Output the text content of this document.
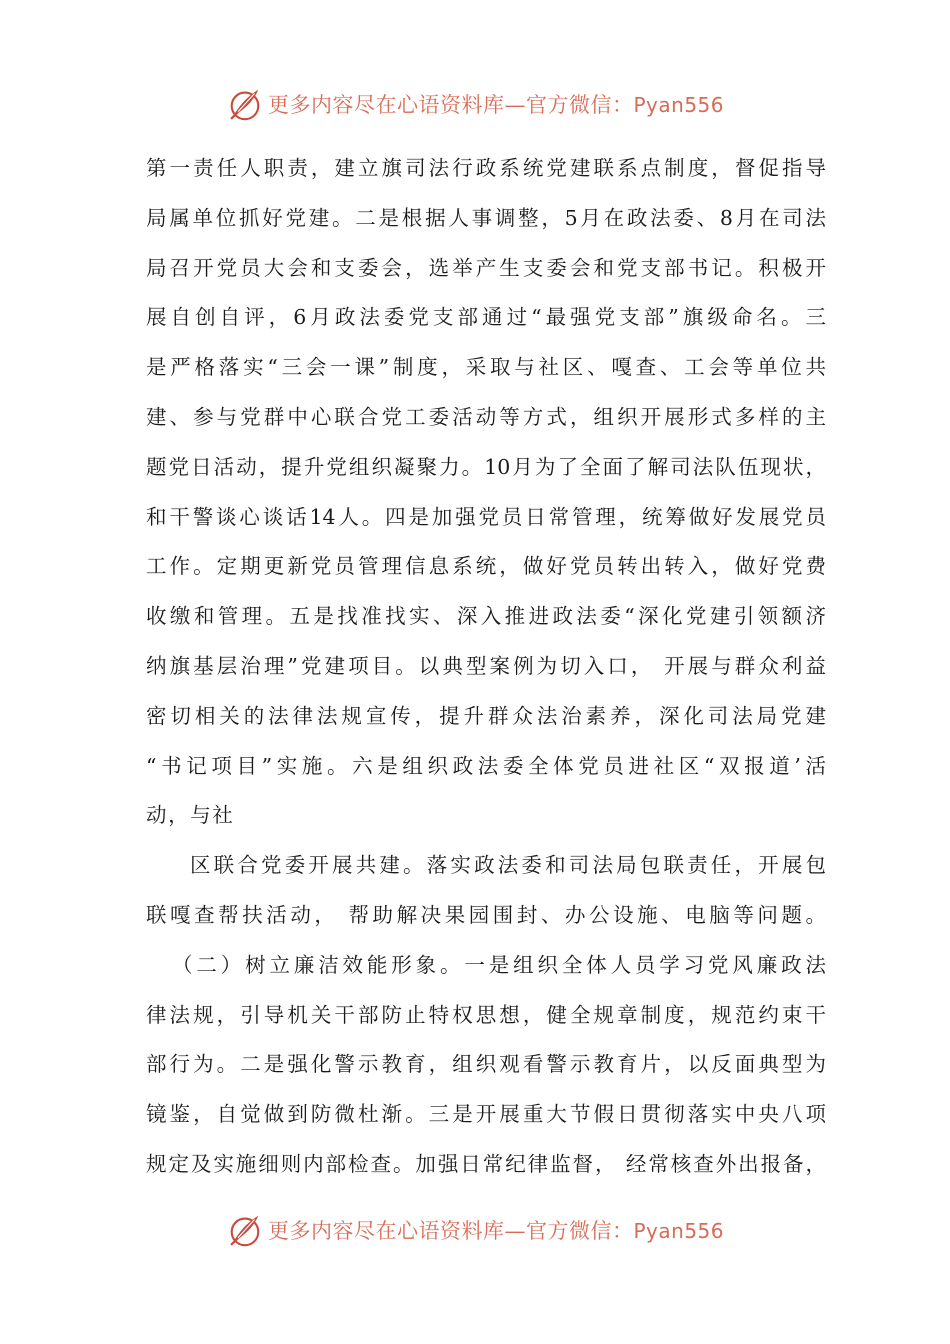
更多内容尽在心语资料库—官方微信：Pyan556
第一责任人职责，建立旗司法行政系统党建联系点制度，督促指导
局属单位抓好党建。二是根据人事调整，5月在政法委、8月在司法
局召开党员大会和支委会，选举产生支委会和党支部书记。积极开
展自创自评，6月政法委党支部通过“最强党支部”旗级命名。三
是严格落实“三会一课”制度，采取与社区、嘎查、工会等单位共
建、参与党群中心联合党工委活动等方式，组织开展形式多样的主
题党日活动，提升党组织凝聚力。10月为了全面了解司法队伍现状，
和干警谈心谈话14人。四是加强党员日常管理，统筹做好发展党员
工作。定期更新党员管理信息系统，做好党员转出转入，做好党费
收缴和管理。五是找准找实、深入推进政法委“深化党建引领额济
纳旗基层治理”党建项目。以典型案例为切入口， 开展与群众利益
密切相关的法律法规宣传，提升群众法治素养，深化司法局党建
“书记项目”实施。六是组织政法委全体党员进社区“双报道’活
动，与社
区联合党委开展共建。落实政法委和司法局包联责任，开展包
联嘎查帮扶活动， 帮助解决果园围封、办公设施、电脑等问题。
（二）树立廉洁效能形象。一是组织全体人员学习党风廉政法
律法规，引导机关干部防止特权思想，健全规章制度，规范约束干
部行为。二是强化警示教育，组织观看警示教育片，以反面典型为
镜鉴，自觉做到防微杜渐。三是开展重大节假日贯彻落实中央八项
规定及实施细则内部检查。加强日常纪律监督， 经常核查外出报备，
更多内容尽在心语资料库—官方微信：Pyan556
